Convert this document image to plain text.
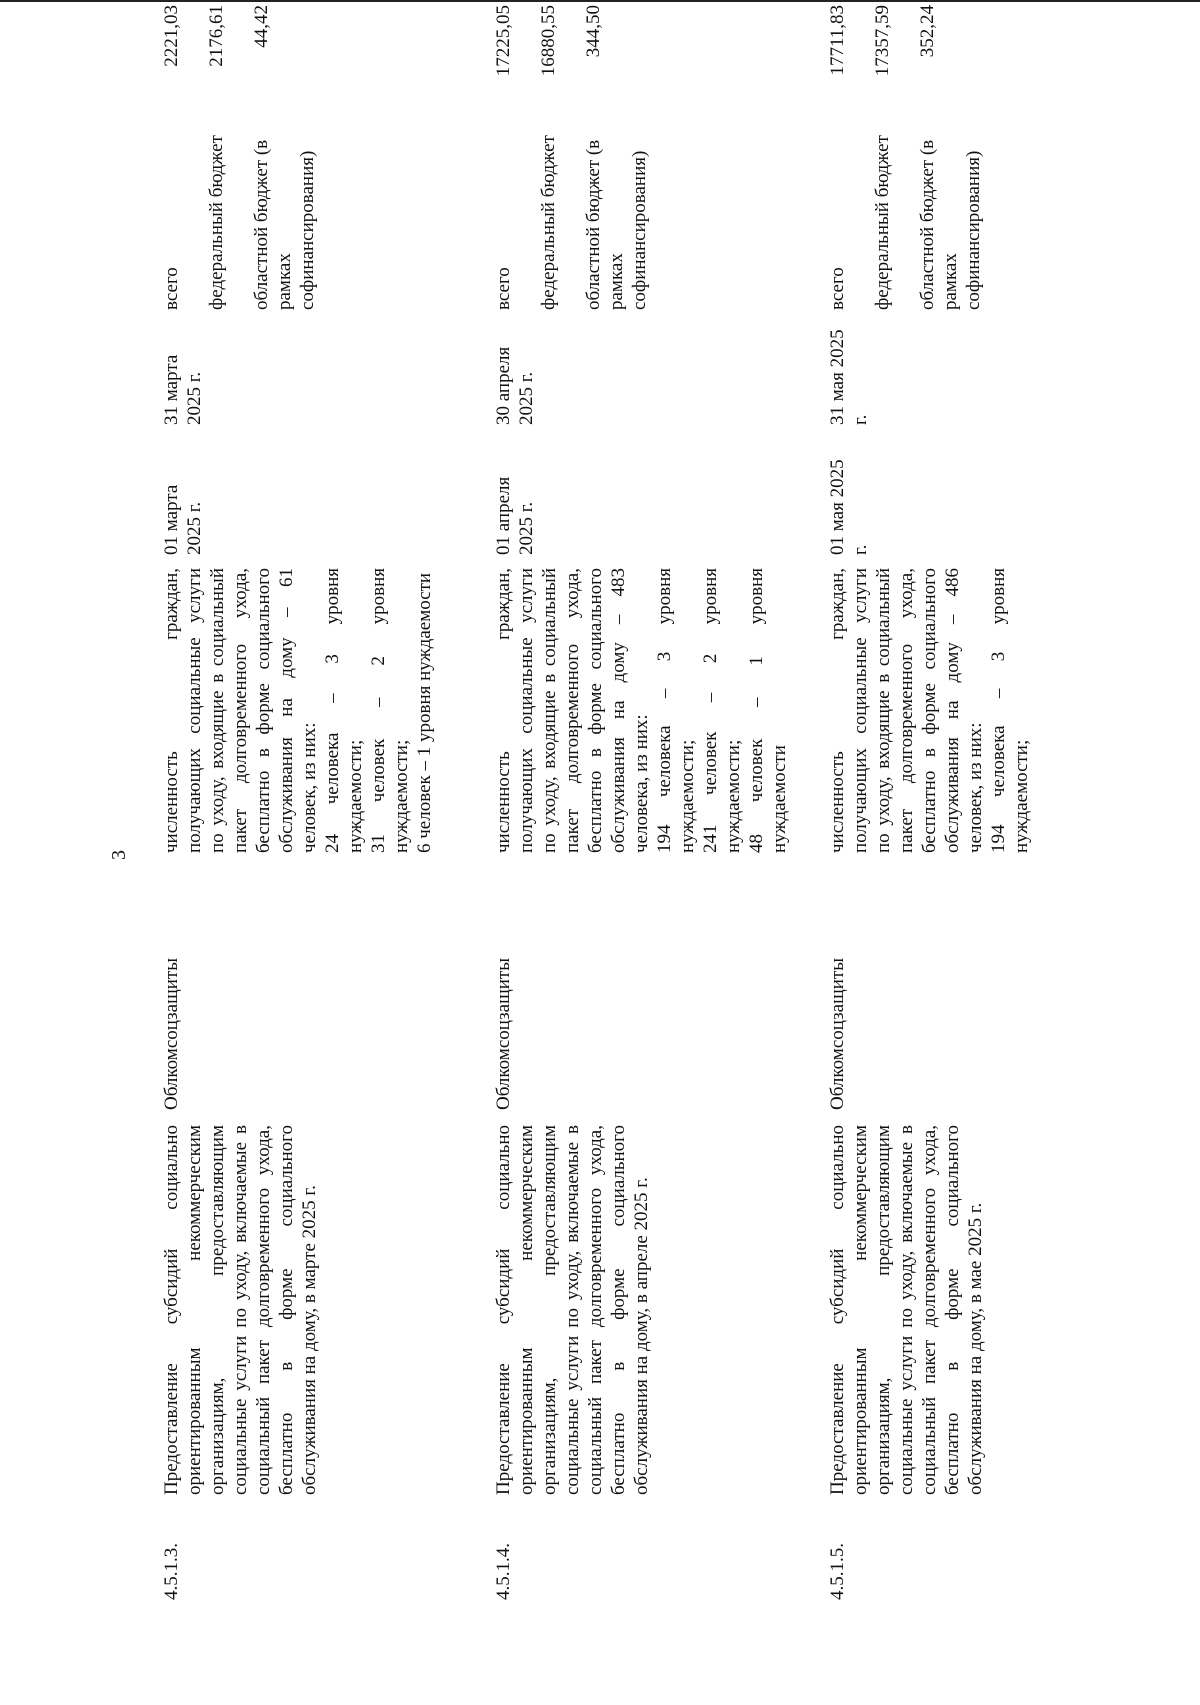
3
4.5.1.3.
Предоставление субсидий социально ориентированным некоммерческим организациям, предоставляющим социальные услуги по уходу, включаемые в социальный пакет долговременного ухода, бесплатно в форме социального обслуживания на дому, в марте 2025 г.
Облкомсоцзащиты
численность граждан, получающих социальные услуги по уходу, входящие в социальный пакет долговременного ухода, бесплатно в форме социального обслуживания на дому – 61 человек, из них:
24 человека – 3 уровня нуждаемости;
31 человек – 2 уровня нуждаемости;
6 человек – 1 уровня нуждаемости
01 марта 2025 г.
31 марта 2025 г.

всего федеральный бюджет областной бюджет (в рамках софинансирования)

2221,03 2176,61 44,42

4.5.1.4.
Предоставление субсидий социально ориентированным некоммерческим организациям, предоставляющим социальные услуги по уходу, включаемые в социальный пакет долговременного ухода, бесплатно в форме социального обслуживания на дому, в апреле 2025 г.
Облкомсоцзащиты
численность граждан, получающих социальные услуги по уходу, входящие в социальный пакет долговременного ухода, бесплатно в форме социального обслуживания на дому – 483 человека, из них:
194 человека – 3 уровня нуждаемости;
241 человек – 2 уровня нуждаемости;
48 человек – 1 уровня нуждаемости
01 апреля 2025 г.
30 апреля 2025 г.

всего федеральный бюджет областной бюджет (в рамках софинансирования)

17225,05 16880,55 344,50

4.5.1.5.
Предоставление субсидий социально ориентированным некоммерческим организациям, предоставляющим социальные услуги по уходу, включаемые в социальный пакет долговременного ухода, бесплатно в форме социального обслуживания на дому, в мае 2025 г.
Облкомсоцзащиты
численность граждан, получающих социальные услуги по уходу, входящие в социальный пакет долговременного ухода, бесплатно в форме социального обслуживания на дому – 486 человек, из них:
194 человека – 3 уровня нуждаемости;
01 мая 2025 г.
31 мая 2025 г.

всего федеральный бюджет областной бюджет (в рамках софинансирования)

17711,83 17357,59 352,24
